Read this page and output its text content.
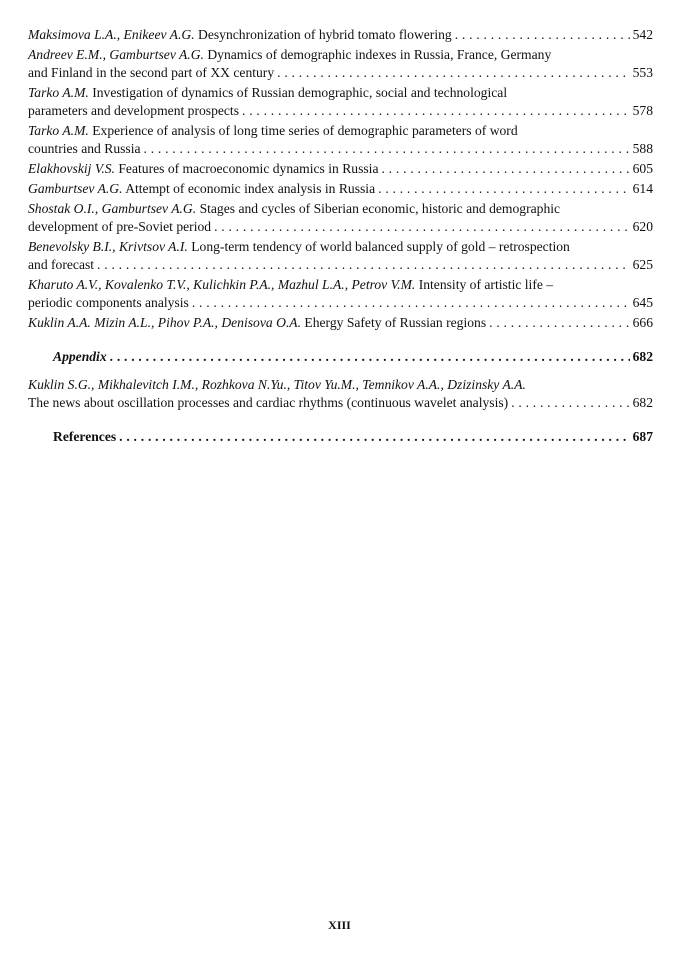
Maksimova L.A., Enikeev A.G. Desynchronization of hybrid tomato flowering . . .	542
Andreev E.M., Gamburtsev A.G. Dynamics of demographic indexes in Russia, France, Germany
and Finland in the second part of XX century . . .	553
Tarko A.M. Investigation of dynamics of Russian demographic, social and technological
parameters and development prospects . . .	578
Tarko A.M. Experience of analysis of long time series of demographic parameters of word
countries and Russia . . .	588
Elakhovskij V.S. Features of macroeconomic dynamics in Russia . . .	605
Gamburtsev A.G. Attempt of economic index analysis in Russia . . .	614
Shostak O.I., Gamburtsev A.G. Stages and cycles of Siberian economic, historic and demographic
development of pre-Soviet period . . .	620
Benevolsky B.I., Krivtsov A.I. Long-term tendency of world balanced supply of gold – retrospection
and forecast . . .	625
Kharuto A.V., Kovalenko T.V., Kulichkin P.A., Mazhul L.A., Petrov V.M. Intensity of artistic life –
periodic components analysis . . .	645
Kuklin A.A. Mizin A.L., Pihov P.A., Denisova O.A. Ehergy Safety of Russian regions . . .	666
Appendix . . .	682
Kuklin S.G., Mikhalevitch I.M., Rozhkova N.Yu., Titov Yu.M., Temnikov A.A., Dzizinsky A.A.
The news about oscillation processes and cardiac rhythms (continuous wavelet analysis) . . .	682
References . . .	687
XIII
